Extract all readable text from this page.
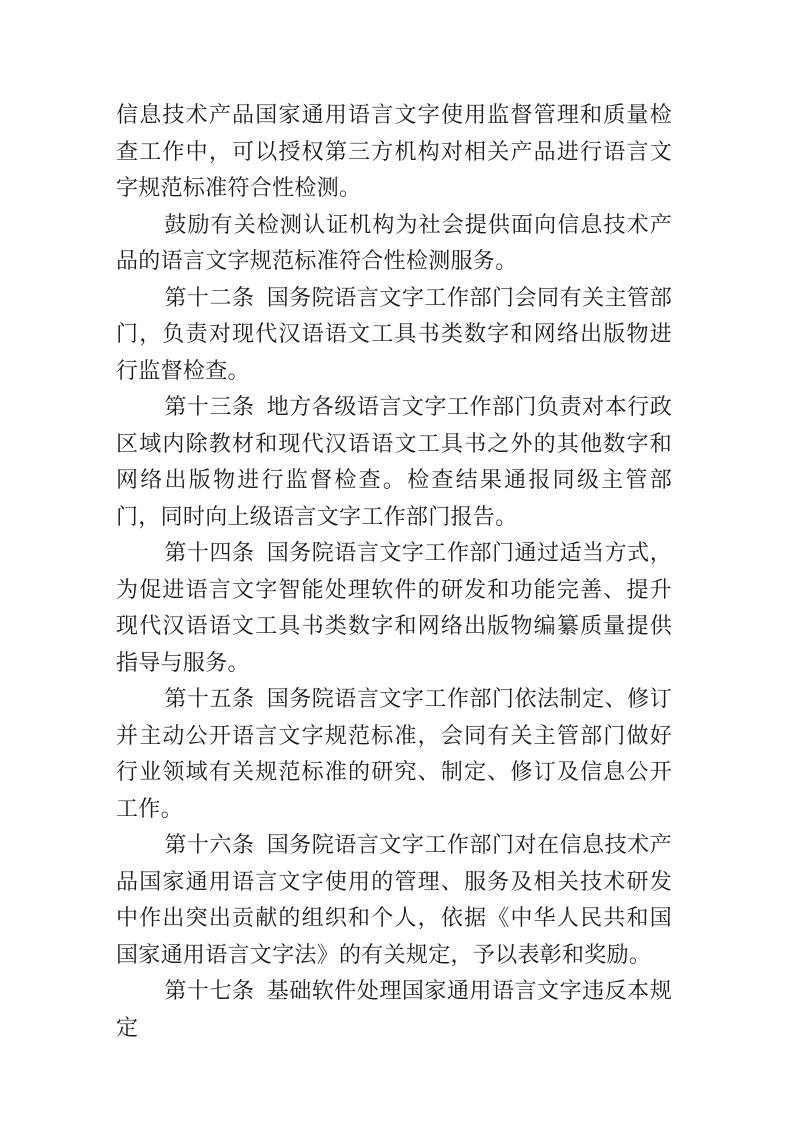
信息技术产品国家通用语言文字使用监督管理和质量检查工作中，可以授权第三方机构对相关产品进行语言文字规范标准符合性检测。

鼓励有关检测认证机构为社会提供面向信息技术产品的语言文字规范标准符合性检测服务。

第十二条 国务院语言文字工作部门会同有关主管部门，负责对现代汉语语文工具书类数字和网络出版物进行监督检查。

第十三条 地方各级语言文字工作部门负责对本行政区域内除教材和现代汉语语文工具书之外的其他数字和网络出版物进行监督检查。检查结果通报同级主管部门，同时向上级语言文字工作部门报告。

第十四条 国务院语言文字工作部门通过适当方式，为促进语言文字智能处理软件的研发和功能完善、提升现代汉语语文工具书类数字和网络出版物编纂质量提供指导与服务。

第十五条 国务院语言文字工作部门依法制定、修订并主动公开语言文字规范标准，会同有关主管部门做好行业领域有关规范标准的研究、制定、修订及信息公开工作。

第十六条 国务院语言文字工作部门对在信息技术产品国家通用语言文字使用的管理、服务及相关技术研发中作出突出贡献的组织和个人，依据《中华人民共和国国家通用语言文字法》的有关规定，予以表彰和奖励。

第十七条 基础软件处理国家通用语言文字违反本规定
